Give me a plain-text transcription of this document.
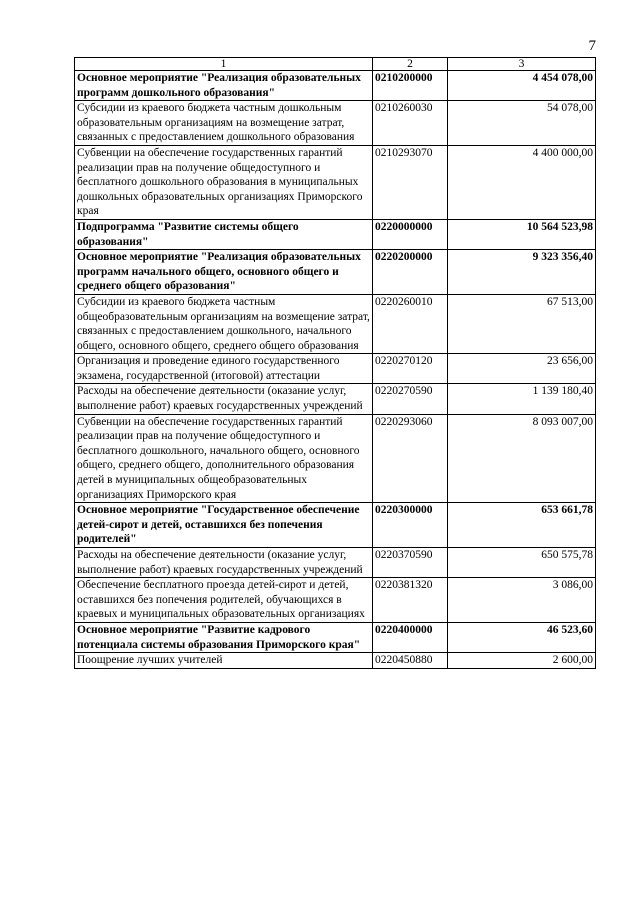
7
1	2	3
Основное мероприятие "Реализация образовательных программ дошкольного образования"	0210200000	4 454 078,00
Субсидии из краевого бюджета частным дошкольным образовательным организациям на возмещение затрат, связанных с предоставлением дошкольного образования	0210260030	54 078,00
Субвенции на обеспечение государственных гарантий реализации прав на получение общедоступного и бесплатного дошкольного образования в муниципальных дошкольных образовательных организациях Приморского края	0210293070	4 400 000,00
Подпрограмма "Развитие системы общего образования"	0220000000	10 564 523,98
Основное мероприятие "Реализация образовательных программ начального общего, основного общего и среднего общего образования"	0220200000	9 323 356,40
Субсидии из краевого бюджета частным общеобразовательным организациям на возмещение затрат, связанных с предоставлением дошкольного, начального общего, основного общего, среднего общего образования	0220260010	67 513,00
Организация и проведение единого государственного экзамена, государственной (итоговой) аттестации	0220270120	23 656,00
Расходы на обеспечение деятельности (оказание услуг, выполнение работ) краевых государственных учреждений	0220270590	1 139 180,40
Субвенции на обеспечение государственных гарантий реализации прав на получение общедоступного и бесплатного дошкольного, начального общего, основного общего, среднего общего, дополнительного образования детей в муниципальных общеобразовательных организациях Приморского края	0220293060	8 093 007,00
Основное мероприятие "Государственное обеспечение детей-сирот и детей, оставшихся без попечения родителей"	0220300000	653 661,78
Расходы на обеспечение деятельности (оказание услуг, выполнение работ) краевых государственных учреждений	0220370590	650 575,78
Обеспечение бесплатного проезда детей-сирот и детей, оставшихся без попечения родителей, обучающихся в краевых и муниципальных образовательных организациях	0220381320	3 086,00
Основное мероприятие "Развитие кадрового потенциала системы образования Приморского края"	0220400000	46 523,60
Поощрение лучших учителей	0220450880	2 600,00
